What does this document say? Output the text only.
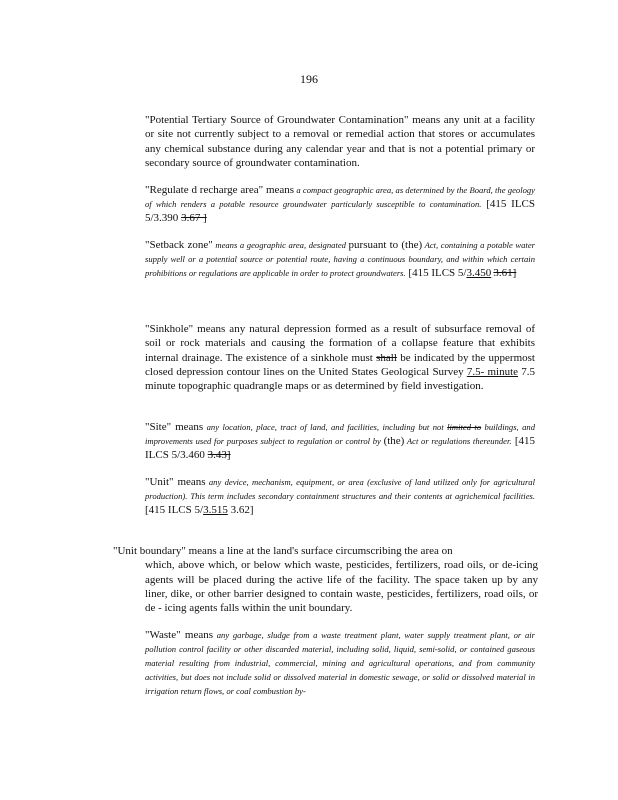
196
"Potential Tertiary Source of Groundwater Contamination" means any unit at a facility or site not currently subject to a removal or remedial action that stores or accumulates any chemical substance during any calendar year and that is not a potential primary or secondary source of groundwater contamination.
"Regulate d recharge area" means a compact geographic area, as determined by the Board, the geology of which renders a potable resource groundwater particularly susceptible to contamination. [415 ILCS 5/3.390 3.67 ]
"Setback zone" means a geographic area, designated pursuant to (the) Act, containing a potable water supply well or a potential source or potential route, having a continuous boundary, and within which certain prohibitions or regulations are applicable in order to protect groundwaters. [415 ILCS 5/3.450 3.61]
"Sinkhole" means any natural depression formed as a result of subsurface removal of soil or rock materials and causing the formation of a collapse feature that exhibits internal drainage. The existence of a sinkhole must shall be indicated by the uppermost closed depression contour lines on the United States Geological Survey 7.5- minute 7.5 minute topographic quadrangle maps or as determined by field investigation.
"Site" means any location, place, tract of land, and facilities, including but not limited to buildings, and improvements used for purposes subject to regulation or control by (the) Act or regulations thereunder. [415 ILCS 5/3.460 3.43]
"Unit" means any device, mechanism, equipment, or area (exclusive of land utilized only for agricultural production). This term includes secondary containment structures and their contents at agrichemical facilities. [415 ILCS 5/3.515 3.62]
"Unit boundary" means a line at the land's surface circumscribing the area on
which, above which, or below which waste, pesticides, fertilizers, road oils, or de-icing agents will be placed during the active life of the facility. The space taken up by any liner, dike, or other barrier designed to contain waste, pesticides, fertilizers, road oils, or de - icing agents falls within the unit boundary.
"Waste" means any garbage, sludge from a waste treatment plant, water supply treatment plant, or air pollution control facility or other discarded material, including solid, liquid, semi-solid, or contained gaseous material resulting from industrial, commercial, mining and agricultural operations, and from community activities, but does not include solid or dissolved material in domestic sewage, or solid or dissolved material in irrigation return flows, or coal combustion by-
